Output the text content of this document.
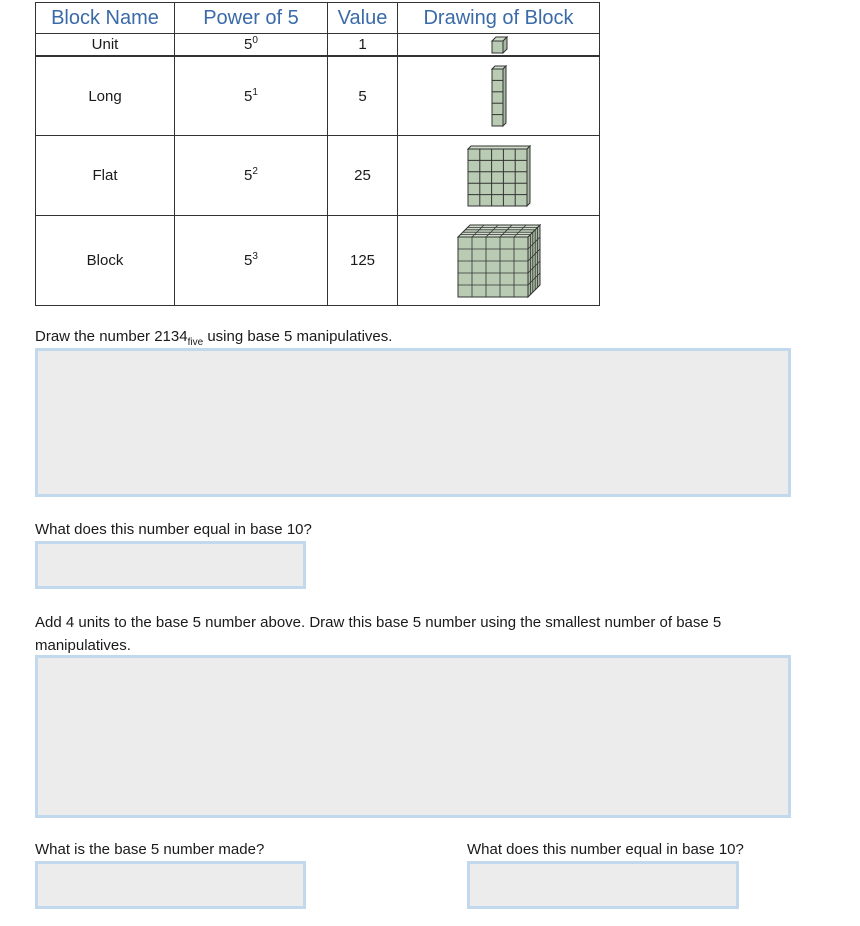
Block Name	Power of 5	Value	Drawing of Block
Unit	$5^0$	1	

Long	$5^1$	5	

Flat	$5^2$	25	

Block	$5^3$	125	
Draw the number $2134_{five}$ using base 5 manipulatives.
What does this number equal in base 10?
Add 4 units to the base 5 number above. Draw this base 5 number using the smallest number of base 5 manipulatives.
What is the base 5 number made?	What does this number equal in base 10?
